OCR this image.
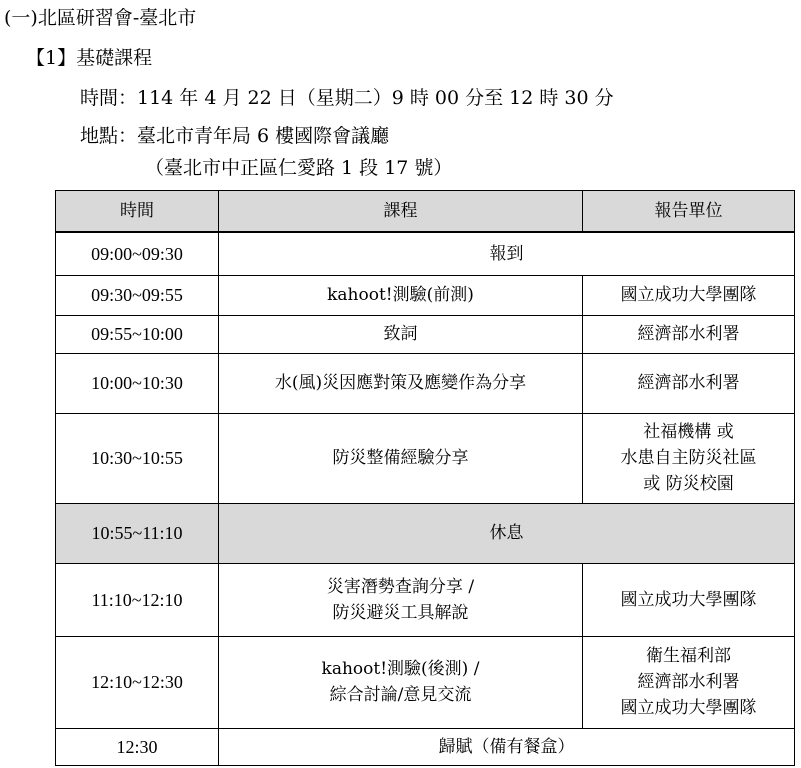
(一)北區研習會-臺北市
【1】基礎課程
時間：114 年 4 月 22 日（星期二）9 時 00 分至 12 時 30 分
地點：臺北市青年局 6 樓國際會議廳
（臺北市中正區仁愛路 1 段 17 號）
時間	課程	報告單位
09:00~09:30	報到	

09:30~09:55	kahoot!測驗(前測)	國立成功大學團隊

09:55~10:00	致詞	經濟部水利署

10:00~10:30	水(風)災因應對策及應變作為分享	經濟部水利署

10:30~10:55	防災整備經驗分享	社福機構 或
水患自主防災社區
或 防災校園

10:55~11:10	休息	

11:10~12:10	災害潛勢查詢分享 /
防災避災工具解說	國立成功大學團隊

12:10~12:30	kahoot!測驗(後測) /
綜合討論/意見交流	衛生福利部
經濟部水利署
國立成功大學團隊

12:30	歸賦（備有餐盒）	
